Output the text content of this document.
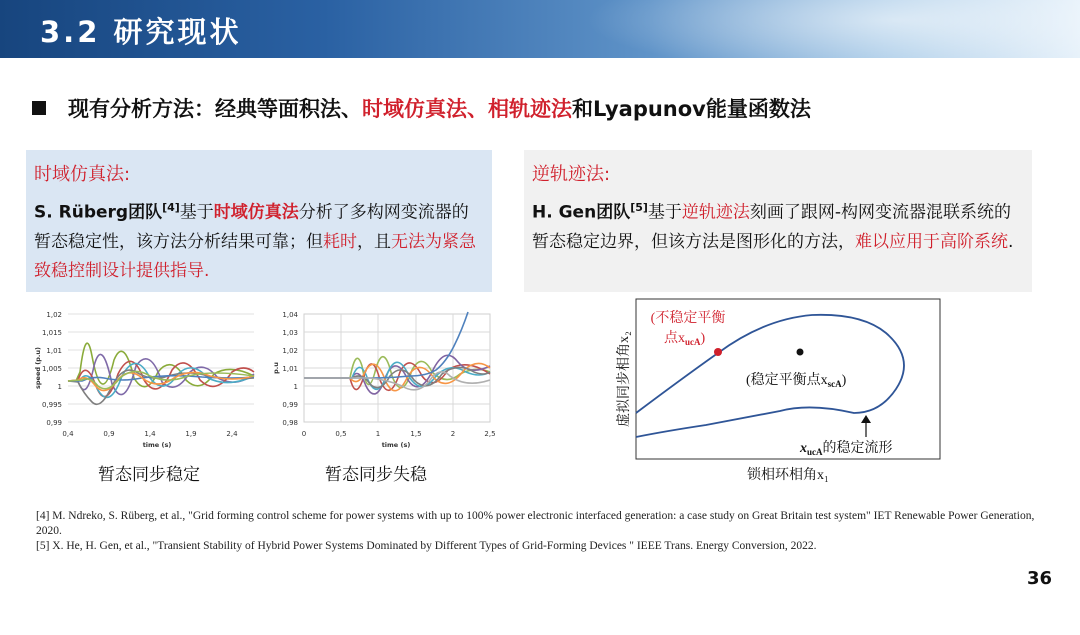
3.2 研究现状
现有分析方法：经典等面积法、时域仿真法、相轨迹法和Lyapunov能量函数法
时域仿真法:
S. Rüberg团队[4]基于时域仿真法分析了多构网变流器的暂态稳定性，该方法分析结果可靠；但耗时，且无法为紧急致稳控制设计提供指导.
逆轨迹法:
H. Gen团队[5]基于逆轨迹法刻画了跟网-构网变流器混联系统的暂态稳定边界，但该方法是图形化的方法，难以应用于高阶系统.
1,02
1,015
1,01
1,005
1
0,995
0,99
0,4	0,9	1,4	1,9	2,4
time (s)
speed (p.u)
暂态同步稳定
1,04
1,03
1,02
1,01
1
0,99
0,98
0	0,5	1	1,5	2	2,5
time (s)
p.u
暂态同步失稳
虚拟同步相角x₂
锁相环相角x₁
(不稳定平衡
点$x_{ucA}$)
(稳定平衡点$x_{scA}$)
$x_{ucA}$的稳定流形
[4] M. Ndreko, S. Rüberg, et al., "Grid forming control scheme for power systems with up to 100% power electronic interfaced generation: a case study on Great Britain test system" IET Renewable Power Generation, 2020.
[5] X. He, H. Gen, et al., "Transient Stability of Hybrid Power Systems Dominated by Different Types of Grid-Forming Devices " IEEE Trans. Energy Conversion, 2022.
36
